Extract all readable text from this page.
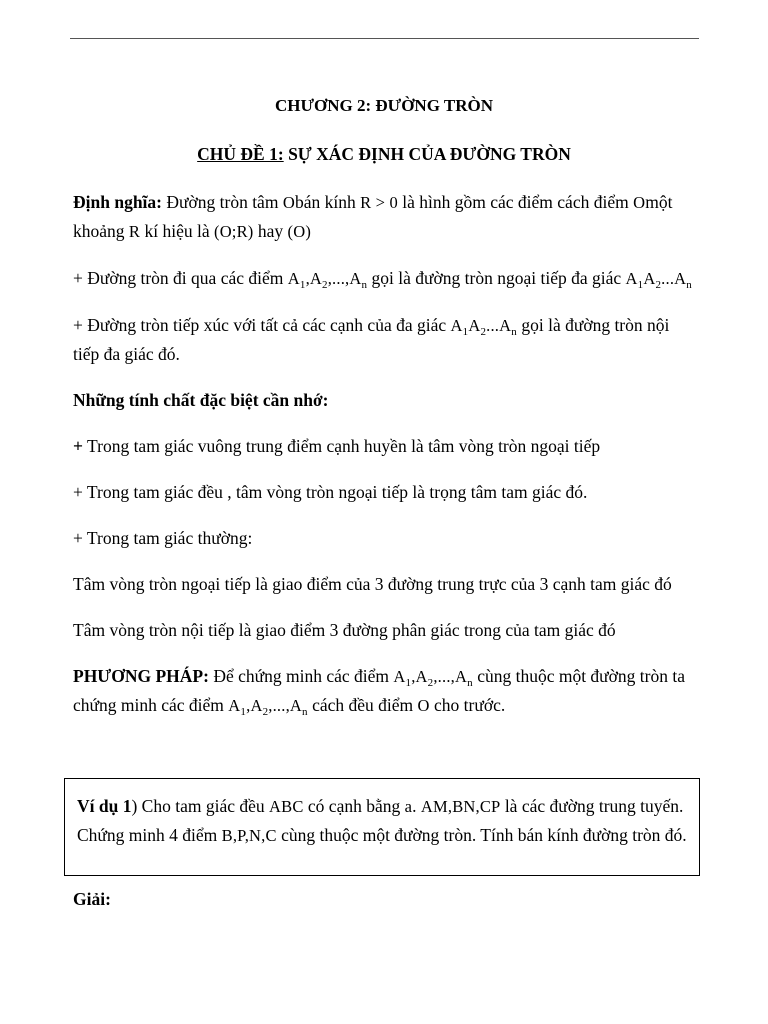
CHƯƠNG 2: ĐƯỜNG TRÒN

CHỦ ĐỀ 1: SỰ XÁC ĐỊNH CỦA ĐƯỜNG TRÒN

Định nghĩa: Đường tròn tâm Obán kính R > 0 là hình gồm các điểm cách điểm Omột khoảng R kí hiệu là (O;R) hay (O)

+ Đường tròn đi qua các điểm $A_1,A_2,...,A_n$ gọi là đường tròn ngoại tiếp đa giác $A_1A_2...A_n$

+ Đường tròn tiếp xúc với tất cả các cạnh của đa giác $A_1A_2...A_n$ gọi là đường tròn nội tiếp đa giác đó.

Những tính chất đặc biệt cần nhớ:

+ Trong tam giác vuông trung điểm cạnh huyền là tâm vòng tròn ngoại tiếp

+ Trong tam giác đều , tâm vòng tròn ngoại tiếp là trọng tâm tam giác đó.

+ Trong tam giác thường:

Tâm vòng tròn ngoại tiếp là giao điểm của 3 đường trung trực của 3 cạnh tam giác đó

Tâm vòng tròn nội tiếp là giao điểm 3 đường phân giác trong của tam giác đó

PHƯƠNG PHÁP: Để chứng minh các điểm $A_1,A_2,...,A_n$ cùng thuộc một đường tròn ta chứng minh các điểm $A_1,A_2,...,A_n$ cách đều điểm O cho trước.

Ví dụ 1) Cho tam giác đều ABC có cạnh bằng a. AM,BN,CP là các đường trung tuyến. Chứng minh 4 điểm B,P,N,C cùng thuộc một đường tròn. Tính bán kính đường tròn đó.
Giải:
